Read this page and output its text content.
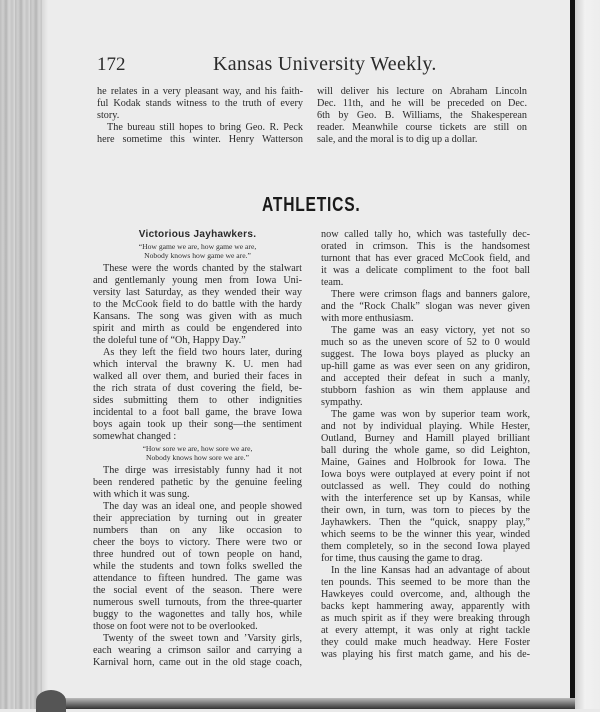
172	Kansas University Weekly.
he relates in a very pleasant way, and his faith-
ful Kodak stands witness to the truth of every
story.
The bureau still hopes to bring Geo. R. Peck
here sometime this winter. Henry Watterson
will deliver his lecture on Abraham Lincoln
Dec. 11th, and he will be preceded on Dec.
6th by Geo. B. Williams, the Shakesperean
reader. Meanwhile course tickets are still on
sale, and the moral is to dig up a dollar.
ATHLETICS.
Victorious Jayhawkers.
“How game we are, how game we are,
Nobody knows how game we are.”
These were the words chanted by the stalwart
and gentlemanly young men from Iowa Uni-
versity last Saturday, as they wended their way
to the McCook field to do battle with the hardy
Kansans. The song was given with as much
spirit and mirth as could be engendered into
the doleful tune of “Oh, Happy Day.”
As they left the field two hours later, during
which interval the brawny K. U. men had
walked all over them, and buried their faces in
the rich strata of dust covering the field, be-
sides submitting them to other indignities
incidental to a foot ball game, the brave Iowa
boys again took up their song—the sentiment
somewhat changed :
“How sore we are, how sore we are,
Nobody knows how sore we are.”
The dirge was irresistably funny had it not
been rendered pathetic by the genuine feeling
with which it was sung.
The day was an ideal one, and people showed
their appreciation by turning out in greater
numbers than on any like occasion to
cheer the boys to victory. There were two or
three hundred out of town people on hand,
while the students and town folks swelled the
attendance to fifteen hundred. The game was
the social event of the season. There were
numerous swell turnouts, from the three-quarter
buggy to the wagonettes and tally hos, while
those on foot were not to be overlooked.
Twenty of the sweet town and ’Varsity girls,
each wearing a crimson sailor and carrying a
Karnival horn, came out in the old stage coach,
now called tally ho, which was tastefully dec-
orated in crimson. This is the handsomest
turnont that has ever graced McCook field, and
it was a delicate compliment to the foot ball
team.
There were crimson flags and banners galore,
and the “Rock Chalk” slogan was never given
with more enthusiasm.
The game was an easy victory, yet not so
much so as the uneven score of 52 to 0 would
suggest. The Iowa boys played as plucky an
up-hill game as was ever seen on any gridiron,
and accepted their defeat in such a manly,
stubborn fashion as win them applause and
sympathy.
The game was won by superior team work,
and not by individual playing. While Hester,
Outland, Burney and Hamill played brilliant
ball during the whole game, so did Leighton,
Maine, Gaines and Holbrook for Iowa. The
Iowa boys were outplayed at every point if not
outclassed as well. They could do nothing
with the interference set up by Kansas, while
their own, in turn, was torn to pieces by the
Jayhawkers. Then the “quick, snappy play,”
which seems to be the winner this year, winded
them completely, so in the second Iowa played
for time, thus causing the game to drag.
In the line Kansas had an advantage of about
ten pounds. This seemed to be more than the
Hawkeyes could overcome, and, although the
backs kept hammering away, apparently with
as much spirit as if they were breaking through
at every attempt, it was only at right tackle
they could make much headway. Here Foster
was playing his first match game, and his de-
